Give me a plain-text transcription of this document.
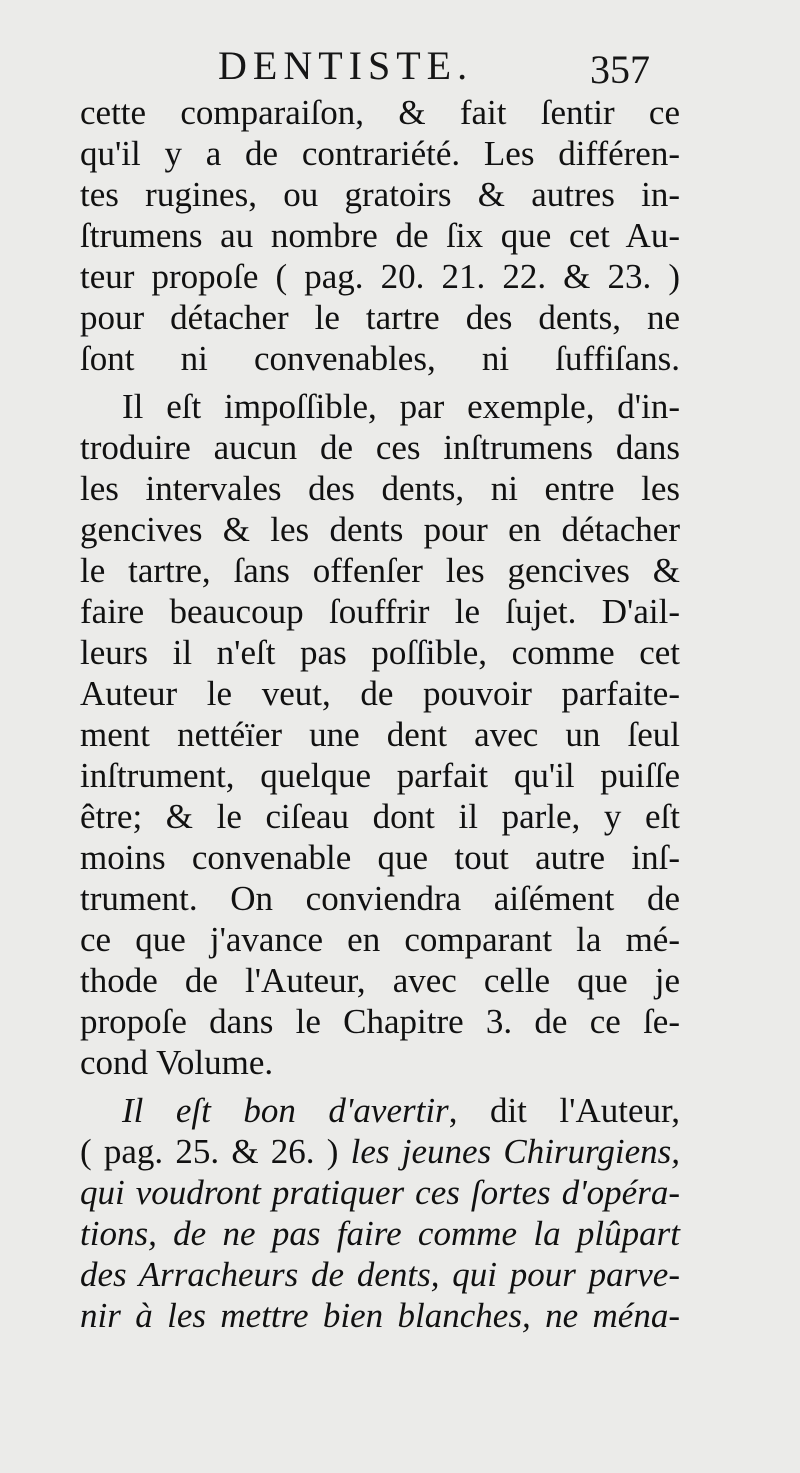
DENTISTE.	357
cette comparaiſon, & fait ſentir ce
qu'il y a de contrariété. Les différen-
tes rugines, ou gratoirs & autres in-
ſtrumens au nombre de ſix que cet Au-
teur propoſe ( pag. 20. 21. 22. & 23. )
pour détacher le tartre des dents, ne
ſont ni convenables, ni ſuffiſans.
Il eſt impoſſible, par exemple, d'in-
troduire aucun de ces inſtrumens dans
les intervales des dents, ni entre les
gencives & les dents pour en détacher
le tartre, ſans offenſer les gencives &
faire beaucoup ſouffrir le ſujet. D'ail-
leurs il n'eſt pas poſſible, comme cet
Auteur le veut, de pouvoir parfaite-
ment nettéïer une dent avec un ſeul
inſtrument, quelque parfait qu'il puiſſe
être; & le ciſeau dont il parle, y eſt
moins convenable que tout autre inſ-
trument. On conviendra aiſément de
ce que j'avance en comparant la mé-
thode de l'Auteur, avec celle que je
propoſe dans le Chapitre 3. de ce ſe-
cond Volume.
Il eſt bon d'avertir, dit l'Auteur,
( pag. 25. & 26. ) les jeunes Chirurgiens,
qui voudront pratiquer ces ſortes d'opéra-
tions, de ne pas faire comme la plûpart
des Arracheurs de dents, qui pour parve-
nir à les mettre bien blanches, ne ména-
